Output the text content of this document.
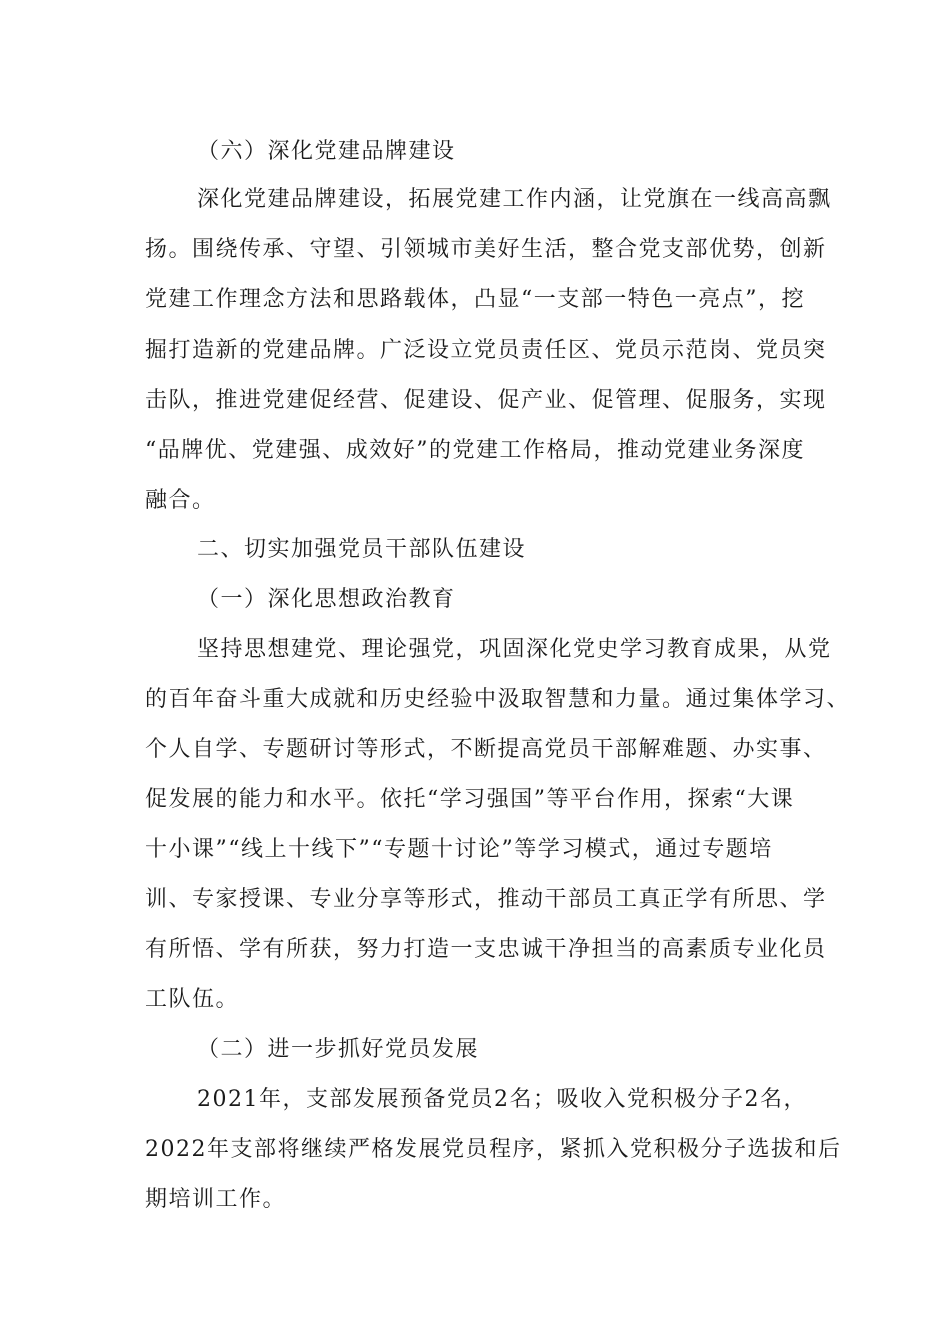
（六）深化党建品牌建设
深化党建品牌建设，拓展党建工作内涵，让党旗在一线高高飘
扬。围绕传承、守望、引领城市美好生活，整合党支部优势，创新
党建工作理念方法和思路载体，凸显“一支部一特色一亮点”，挖
掘打造新的党建品牌。广泛设立党员责任区、党员示范岗、党员突
击队，推进党建促经营、促建设、促产业、促管理、促服务，实现
“品牌优、党建强、成效好”的党建工作格局，推动党建业务深度
融合。
二、切实加强党员干部队伍建设
（一）深化思想政治教育
坚持思想建党、理论强党，巩固深化党史学习教育成果，从党
的百年奋斗重大成就和历史经验中汲取智慧和力量。通过集体学习、
个人自学、专题研讨等形式，不断提高党员干部解难题、办实事、
促发展的能力和水平。依托“学习强国”等平台作用，探索“大课
十小课”“线上十线下”“专题十讨论”等学习模式，通过专题培
训、专家授课、专业分享等形式，推动干部员工真正学有所思、学
有所悟、学有所获，努力打造一支忠诚干净担当的高素质专业化员
工队伍。
（二）进一步抓好党员发展
2021年，支部发展预备党员2名；吸收入党积极分子2名，
2022年支部将继续严格发展党员程序，紧抓入党积极分子选拔和后
期培训工作。
